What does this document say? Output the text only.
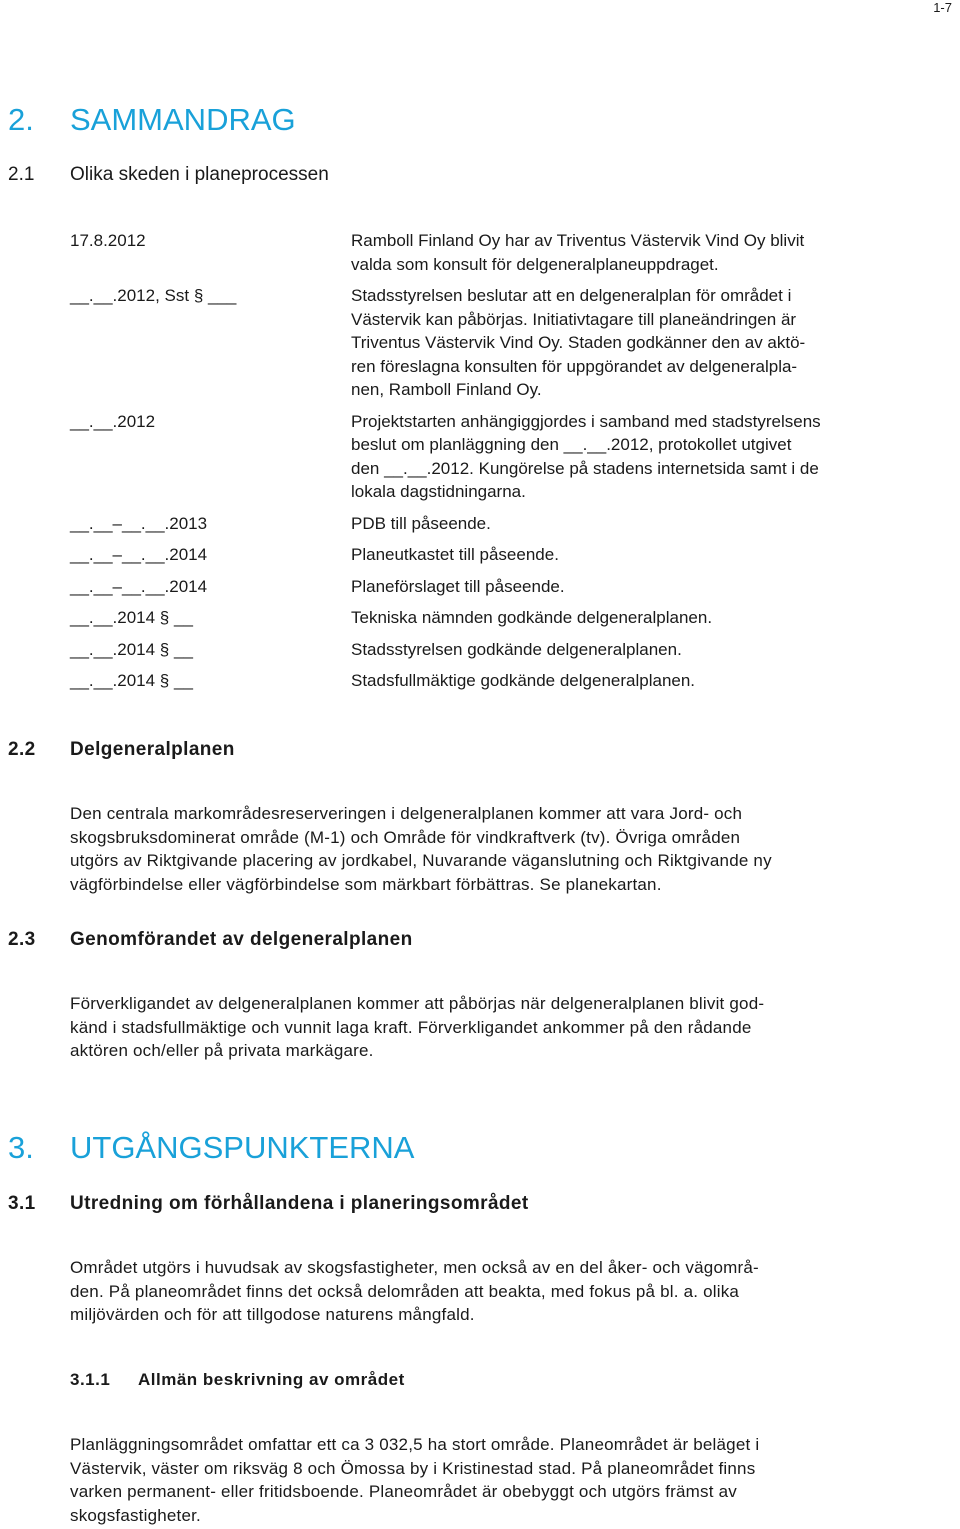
1-7
2. SAMMANDRAG
2.1 Olika skeden i planeprocessen
17.8.2012	Ramboll Finland Oy har av Triventus Västervik Vind Oy blivit
valda som konsult för delgeneralplaneuppdraget.
__.__.2012, Sst § ___	Stadsstyrelsen beslutar att en delgeneralplan för området i
Västervik kan påbörjas. Initiativtagare till planeändringen är
Triventus Västervik Vind Oy. Staden godkänner den av aktö-
ren föreslagna konsulten för uppgörandet av delgeneralpla-
nen, Ramboll Finland Oy.
__.__.2012	Projektstarten anhängiggjordes i samband med stadstyrelsens
beslut om planläggning den __.__.2012, protokollet utgivet
den __.__.2012. Kungörelse på stadens internetsida samt i de
lokala dagstidningarna.
__.__–__.__.2013	PDB till påseende.
__.__–__.__.2014	Planeutkastet till påseende.
__.__–__.__.2014	Planeförslaget till påseende.
__.__.2014 § __	Tekniska nämnden godkände delgeneralplanen.
__.__.2014 § __	Stadsstyrelsen godkände delgeneralplanen.
__.__.2014 § __	Stadsfullmäktige godkände delgeneralplanen.
2.2 Delgeneralplanen

Den centrala markområdesreserveringen i delgeneralplanen kommer att vara Jord- och
skogsbruksdominerat område (M-1) och Område för vindkraftverk (tv). Övriga områden
utgörs av Riktgivande placering av jordkabel, Nuvarande väganslutning och Riktgivande ny
vägförbindelse eller vägförbindelse som märkbart förbättras. Se planekartan.

2.3 Genomförandet av delgeneralplanen

Förverkligandet av delgeneralplanen kommer att påbörjas när delgeneralplanen blivit god-
känd i stadsfullmäktige och vunnit laga kraft. Förverkligandet ankommer på den rådande
aktören och/eller på privata markägare.

3. UTGÅNGSPUNKTERNA
3.1 Utredning om förhållandena i planeringsområdet

Området utgörs i huvudsak av skogsfastigheter, men också av en del åker- och vägområ-
den. På planeområdet finns det också delområden att beakta, med fokus på bl. a. olika
miljövärden och för att tillgodose naturens mångfald.

3.1.1 Allmän beskrivning av området

Planläggningsområdet omfattar ett ca 3 032,5 ha stort område. Planeområdet är beläget i
Västervik, väster om riksväg 8 och Ömossa by i Kristinestad stad. På planeområdet finns
varken permanent- eller fritidsboende. Planeområdet är obebyggt och utgörs främst av
skogsfastigheter.
